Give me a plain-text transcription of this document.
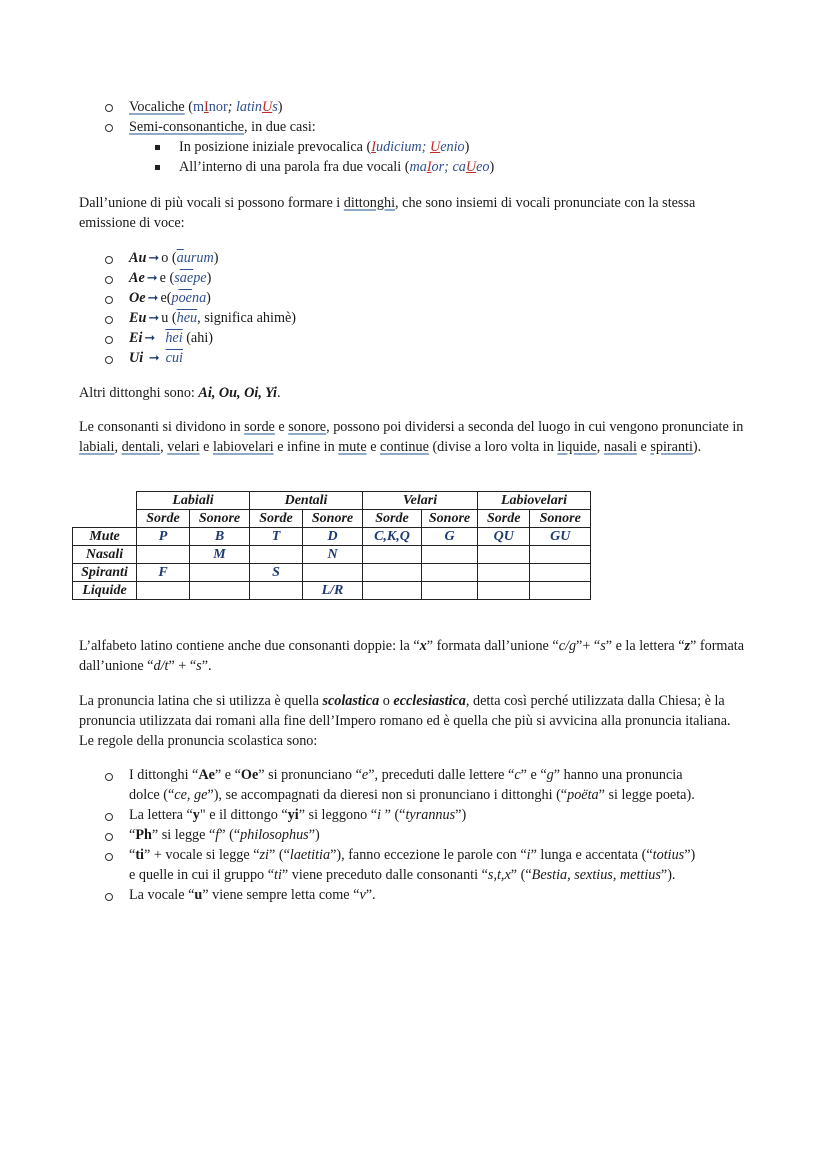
Vocaliche (mInor; latinUs)
Semi-consonantiche, in due casi:
In posizione iniziale prevocalica (Iudicium; Uenio)
All’interno di una parola fra due vocali (maIor; caUeo)
Dall’unione di più vocali si possono formare i dittonghi, che sono insiemi di vocali pronunciate con la stessa emissione di voce:
Au ➞ o $(\overline{a}urum)$
Ae ➞ e $(s\overline{ae}pe)$
Oe ➞ $e(p\overline{oe}na)$
Eu ➞ u ($\overline{heu}$, significa ahimè)
Ei ➞ $\overline{hei}$ (ahi)
Ui ➞ $\overline{cui}$
Altri dittonghi sono: Ai, Ou, Oi, Yi.
Le consonanti si dividono in sorde e sonore, possono poi dividersi a seconda del luogo in cui vengono pronunciate in labiali, dentali, velari e labiovelari e infine in mute e continue (divise a loro volta in liquide, nasali e spiranti).
	Labiali		Dentali		Velari		Labiovelari	
	Sorde	Sonore	Sorde	Sonore	Sorde	Sonore	Sorde	Sonore
Mute	P	B	T	D	C,K,Q	G	QU	GU
Nasali		M		N				
Spiranti	F		S					
Liquide				L/R				
L’alfabeto latino contiene anche due consonanti doppie: la “x” formata dall’unione “c/g”+ “s” e la lettera “z” formata dall’unione “d/t” + “s”.
La pronuncia latina che si utilizza è quella scolastica o ecclesiastica, detta così perché utilizzata dalla Chiesa; è la pronuncia utilizzata dai romani alla fine dell’Impero romano ed è quella che più si avvicina alla pronuncia italiana. Le regole della pronuncia scolastica sono:
I dittonghi “Ae” e “Oe” si pronunciano “e”, preceduti dalle lettere “c” e “g” hanno una pronuncia
dolce (“ce, ge”), se accompagnati da dieresi non si pronunciano i dittonghi (“poëta” si legge poeta).
La lettera “y" e il dittongo “yi” si leggono “i ” (“tyrannus”)
“Ph” si legge “f” (“philosophus”)
“ti” + vocale si legge “zi” (“laetitia”), fanno eccezione le parole con “i” lunga e accentata (“totius”)
e quelle in cui il gruppo “ti” viene preceduto dalle consonanti “s,t,x” (“Bestia, sextius, mettius”).
La vocale “u” viene sempre letta come “v”.
